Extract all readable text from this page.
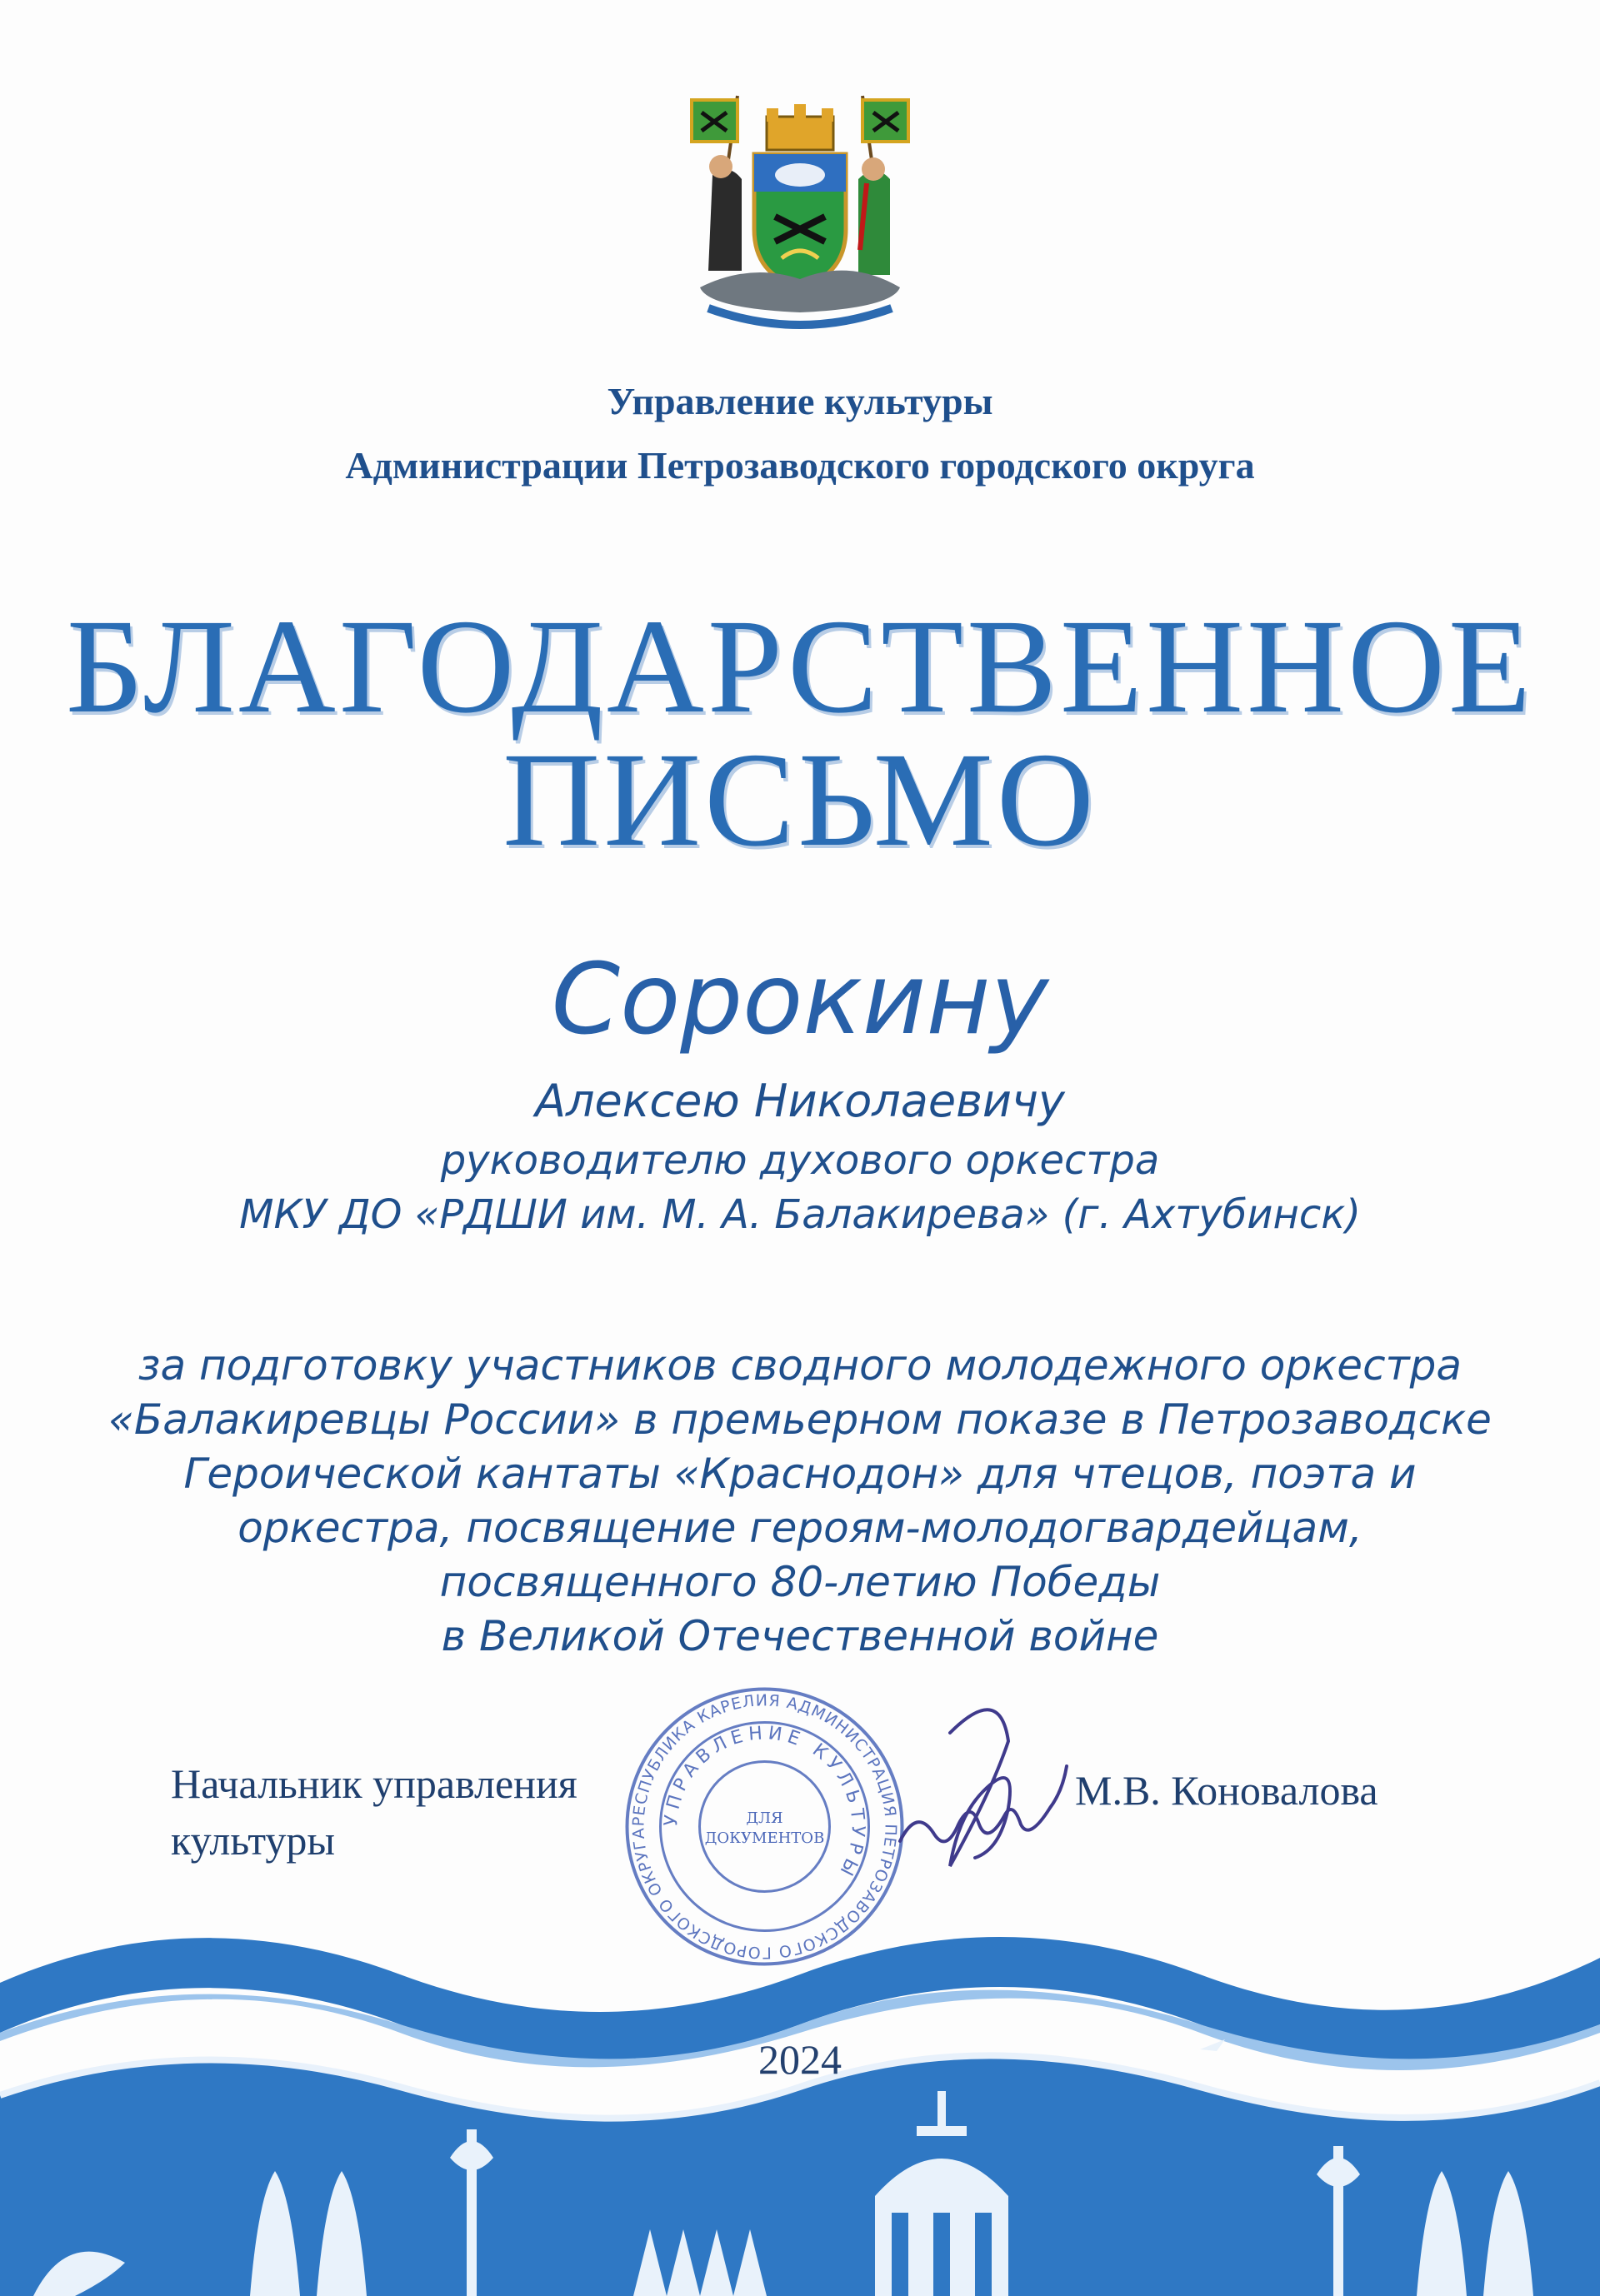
Управление культуры
Администрации Петрозаводского городского округа
БЛАГОДАРСТВЕННОЕ
ПИСЬМО
Сорокину
Алексею Николаевичу
руководителю духового оркестра
МКУ ДО «РДШИ им. М. А. Балакирева» (г. Ахтубинск)
за подготовку участников сводного молодежного оркестра
«Балакиревцы России» в премьерном показе в Петрозаводске
Героической кантаты «Краснодон» для чтецов, поэта и
оркестра, посвящение героям-молодогвардейцам,
посвященного 80-летию Победы
в Великой Отечественной войне
Начальник управления
культуры
М.В. Коновалова
РЕСПУБЛИКА КАРЕЛИЯ АДМИНИСТРАЦИЯ ПЕТРОЗАВОДСКОГО ГОРОДСКОГО ОКРУГА
УПРАВЛЕНИЕ КУЛЬТУРЫ
ДЛЯ
ДОКУМЕНТОВ
2024
